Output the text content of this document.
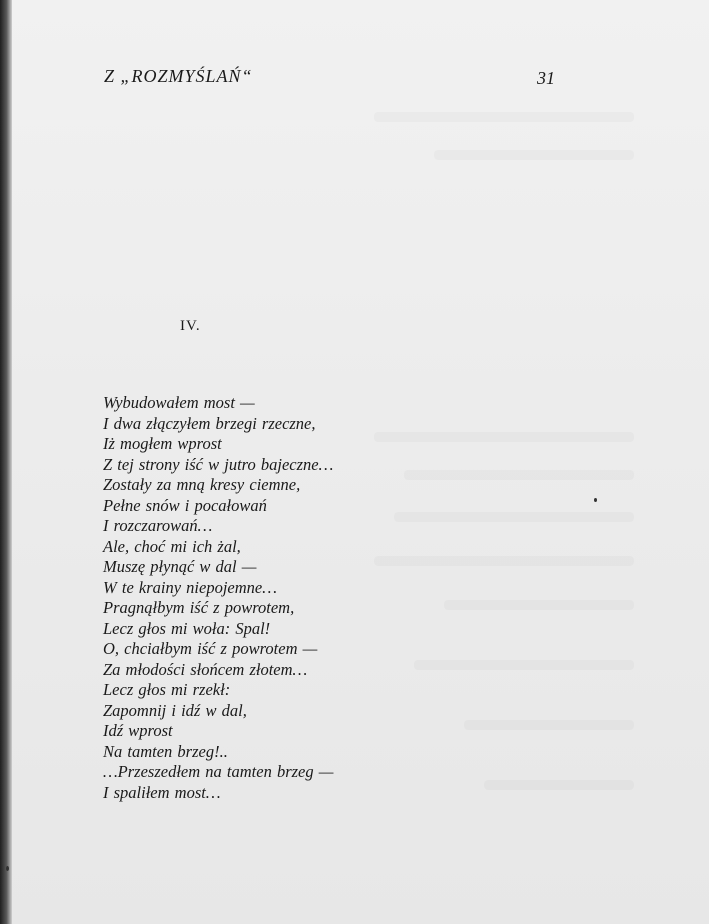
Z „ROZMYŚLAŃ“	31
IV.
Wybudowałem most —
I dwa złączyłem brzegi rzeczne,
Iż mogłem wprost
Z tej strony iść w jutro bajeczne…
Zostały za mną kresy ciemne,
Pełne snów i pocałowań
I rozczarowań…
Ale, choć mi ich żal,
Muszę płynąć w dal —
W te krainy niepojemne…
Pragnąłbym iść z powrotem,
Lecz głos mi woła: Spal!
O, chciałbym iść z powrotem —
Za młodości słońcem złotem…
Lecz głos mi rzekł:
Zapomnij i idź w dal,
Idź wprost
Na tamten brzeg!..
…Przeszedłem na tamten brzeg —
I spaliłem most…
